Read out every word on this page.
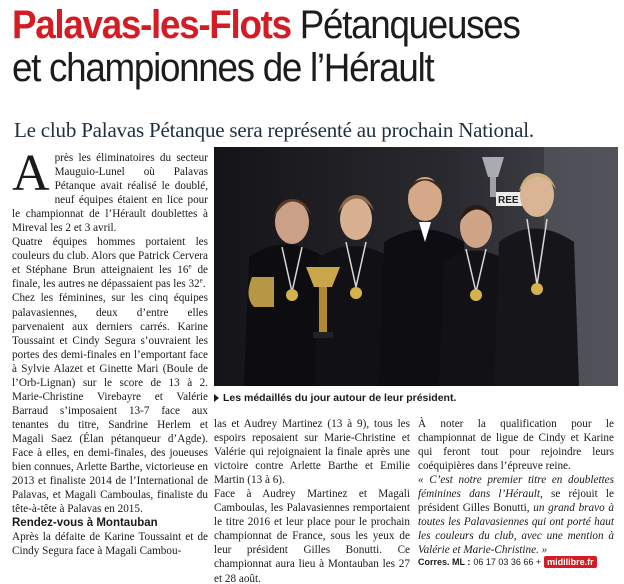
Palavas-les-Flots Pétanqueuses
et championnes de l’Hérault
Le club Palavas Pétanque sera représenté au prochain National.

Après les éliminatoires du secteur Mauguio-Lunel où Palavas Pétanque avait réalisé le doublé, neuf équipes étaient en lice pour le championnat de l’Hérault doublettes à Mireval les 2 et 3 avril.

Quatre équipes hommes portaient les couleurs du club. Alors que Patrick Cervera et Stéphane Brun atteignaient les 16e de finale, les autres ne dépassaient pas les 32e.

Chez les féminines, sur les cinq équipes palavasiennes, deux d’entre elles parvenaient aux derniers carrés. Karine Toussaint et Cindy Segura s’ouvraient les portes des demi-finales en l’emportant face à Sylvie Alazet et Ginette Mari (Boule de l’Orb-Lignan) sur le score de 13 à 2. Marie-Christine Virebayre et Valérie Barraud s’imposaient 13-7 face aux tenantes du titre, Sandrine Herlem et Magali Saez (Élan pétanqueur d’Agde). Face à elles, en demi-finales, des joueuses bien connues, Arlette Barthe, victorieuse en 2013 et finaliste 2014 de l’International de Palavas, et Magali Camboulas, finaliste du tête-à-tête à Palavas en 2015.

Rendez-vous à Montauban

Après la défaite de Karine Toussaint et de Cindy Segura face à Magali Cambou-

REE
Les médaillés du jour autour de leur président.

las et Audrey Martinez (13 à 9), tous les espoirs reposaient sur Marie-Christine et Valérie qui rejoignaient la finale après une victoire contre Arlette Barthe et Emilie Martin (13 à 6).

Face à Audrey Martinez et Magali Camboulas, les Palavasiennes remportaient le titre 2016 et leur place pour le prochain championnat de France, sous les yeux de leur président Gilles Bonutti. Ce championnat aura lieu à Montauban les 27 et 28 août.

À noter la qualification pour le championnat de ligue de Cindy et Karine qui feront tout pour rejoindre leurs coéquipières dans l’épreuve reine.

« C’est notre premier titre en doublettes féminines dans l’Hérault, se réjouit le président Gilles Bonutti, un grand bravo à toutes les Palavasiennes qui ont porté haut les couleurs du club, avec une mention à Valérie et Marie-Christine. »

Corres. ML : 06 17 03 36 66 + midilibre.fr
